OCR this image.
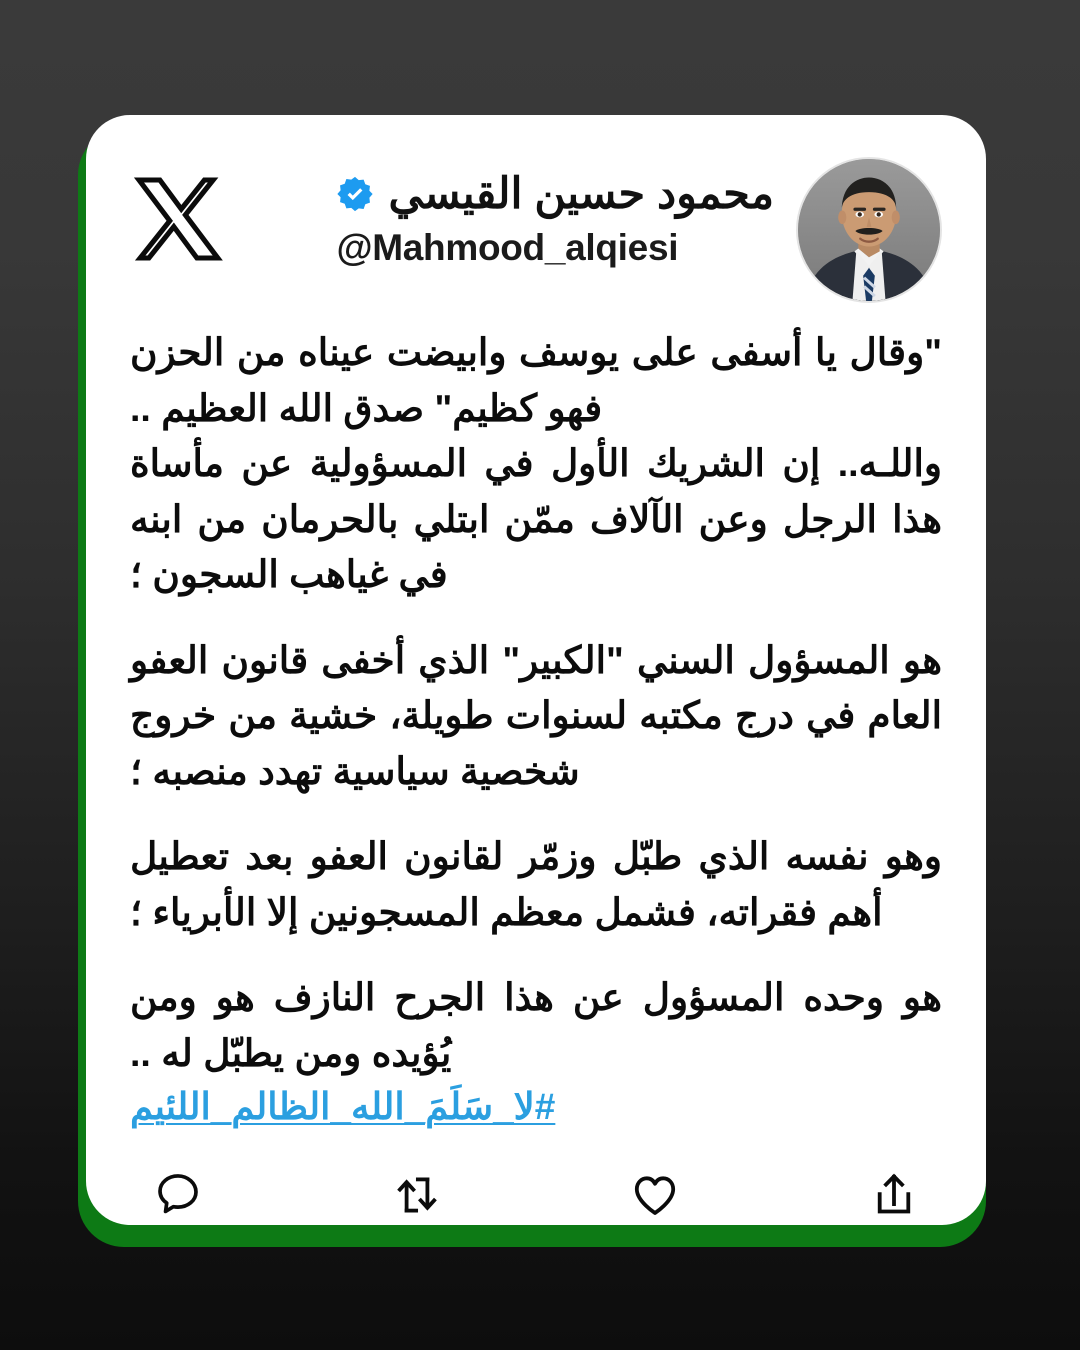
محمود حسين القيسي
@Mahmood_alqiesi

"وقال يا أسفى على يوسف وابيضت عيناه من الحزن فهو كظيم" صدق الله العظيم ..

واللـه.. إن الشريك الأول في المسؤولية عن مأساة هذا الرجل وعن الآلاف ممّن ابتلي بالحرمان من ابنه في غياهب السجون ؛

هو المسؤول السني "الكبير" الذي أخفى قانون العفو العام في درج مكتبه لسنوات طويلة، خشية من خروج شخصية سياسية تهدد منصبه ؛

وهو نفسه الذي طبّل وزمّر لقانون العفو بعد تعطيل أهم فقراته، فشمل معظم المسجونين إلا الأبرياء ؛

هو وحده المسؤول عن هذا الجرح النازف هو ومن يُؤيده ومن يطبّل له ..

#لا_سَلَمَ_الله_الظالم_اللئيم
